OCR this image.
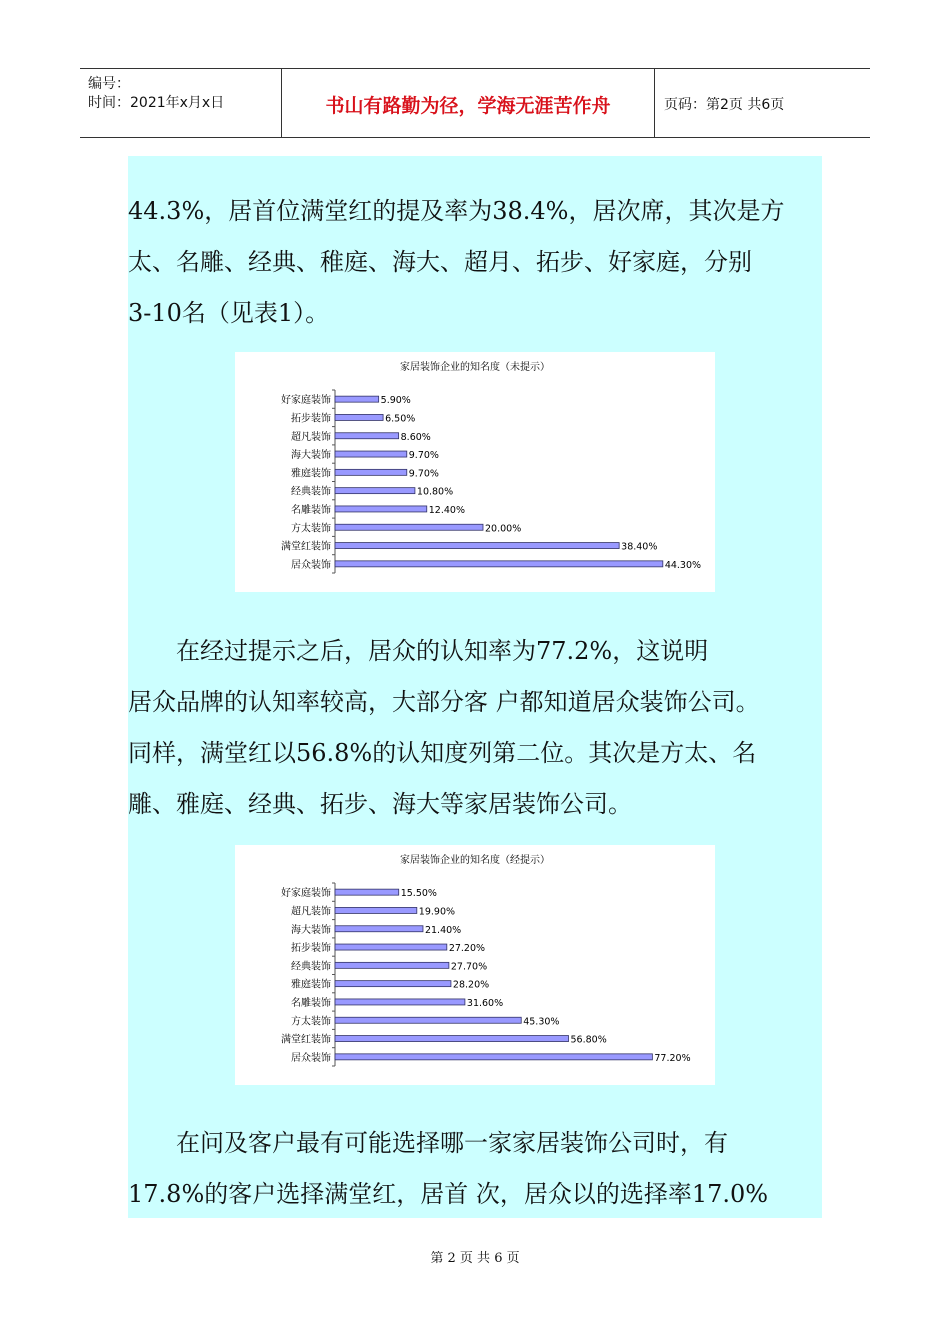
编号：
时间：2021年x月x日	书山有路勤为径，学海无涯苦作舟	页码：第2页 共6页
44.3%，居首位满堂红的提及率为38.4%，居次席，其次是方
太、名雕、经典、稚庭、海大、超月、拓步、好家庭，分别
3-10名（见表1）。
家居装饰企业的知名度（未提示）
好家庭装饰	5.90%
拓步装饰	6.50%
超凡装饰	8.60%
海大装饰	9.70%
雅庭装饰	9.70%
经典装饰	10.80%
名雕装饰	12.40%
方太装饰	20.00%
满堂红装饰	38.40%
居众装饰	44.30%
　　在经过提示之后，居众的认知率为77.2%，这说明
居众品牌的认知率较高，大部分客 户都知道居众装饰公司。
同样，满堂红以56.8%的认知度列第二位。其次是方太、名
雕、雅庭、经典、拓步、海大等家居装饰公司。
家居装饰企业的知名度（经提示）
好家庭装饰	15.50%
超凡装饰	19.90%
海大装饰	21.40%
拓步装饰	27.20%
经典装饰	27.70%
雅庭装饰	28.20%
名雕装饰	31.60%
方太装饰	45.30%
满堂红装饰	56.80%
居众装饰	77.20%
　　在问及客户最有可能选择哪一家家居装饰公司时，有
17.8%的客户选择满堂红，居首 次，居众以的选择率17.0%
第 2 页 共 6 页
